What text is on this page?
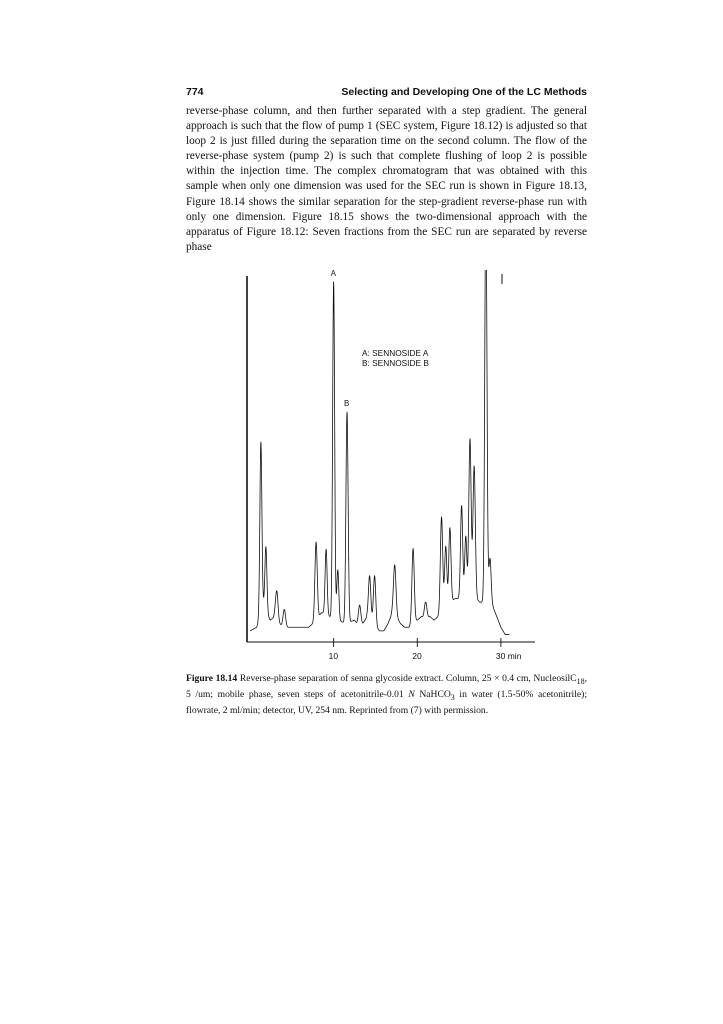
774	Selecting and Developing One of the LC Methods

reverse-phase column, and then further separated with a step gradient. The general approach is such that the flow of pump 1 (SEC system, Figure 18.12) is adjusted so that loop 2 is just filled during the separation time on the second column. The flow of the reverse-phase system (pump 2) is such that complete flushing of loop 2 is possible within the injection time. The complex chromatogram that was obtained with this sample when only one dimension was used for the SEC run is shown in Figure 18.13, Figure 18.14 shows the similar separation for the step-gradient reverse-phase run with only one dimension. Figure 18.15 shows the two-dimensional approach with the apparatus of Figure 18.12: Seven fractions from the SEC run are separated by reverse phase

A
B
10	20	30 min
A: SENNOSIDE A
B: SENNOSIDE B

Figure 18.14 Reverse-phase separation of senna glycoside extract. Column, 25 × 0.4 cm, NucleosilC$_{18}$, 5 /um; mobile phase, seven steps of acetonitrile-0.01 N NaHCO$_3$ in water (1.5-50% acetonitrile); flowrate, 2 ml/min; detector, UV, 254 nm. Reprinted from (7) with permission.
